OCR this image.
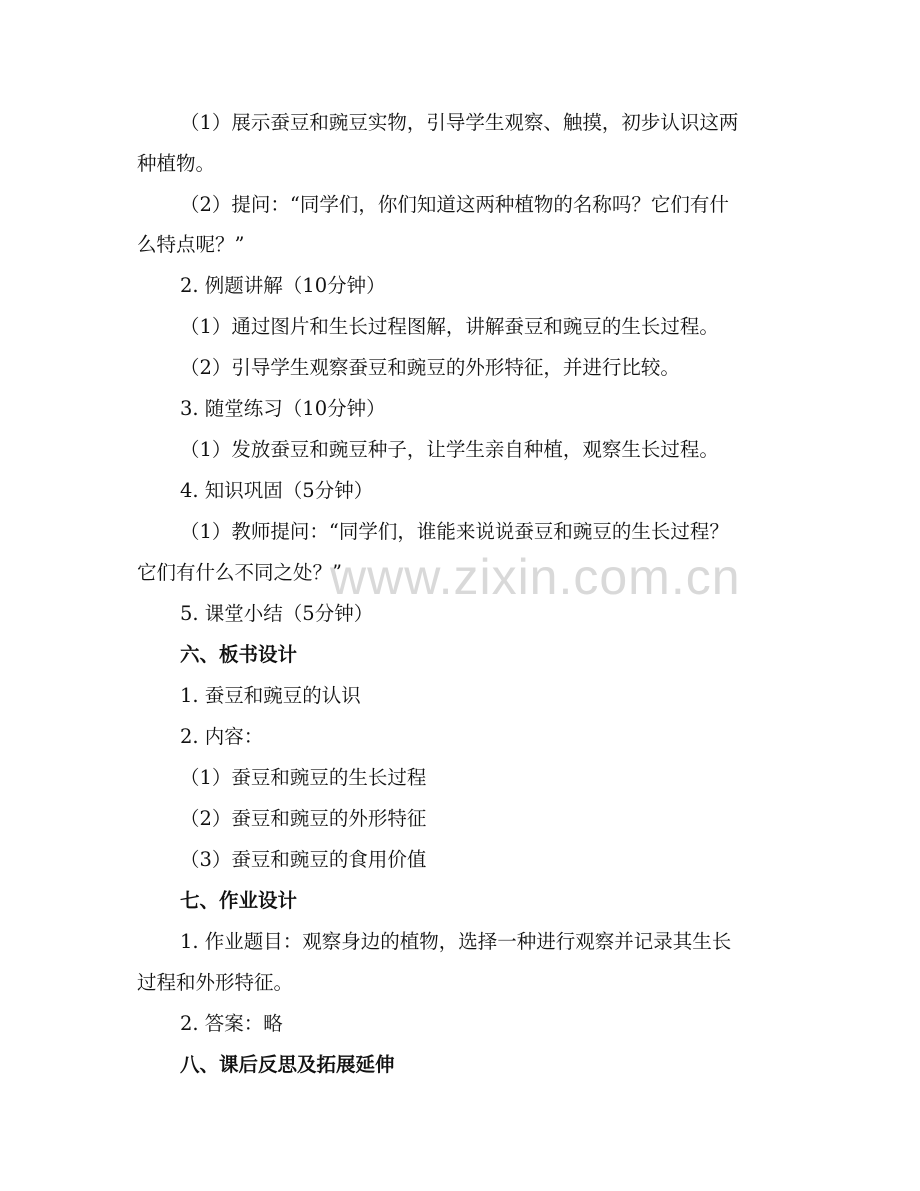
（1）展示蚕豆和豌豆实物，引导学生观察、触摸，初步认识这两
种植物。
（2）提问：“同学们，你们知道这两种植物的名称吗？它们有什
么特点呢？”
2. 例题讲解（10分钟）
（1）通过图片和生长过程图解，讲解蚕豆和豌豆的生长过程。
（2）引导学生观察蚕豆和豌豆的外形特征，并进行比较。
3. 随堂练习（10分钟）
（1）发放蚕豆和豌豆种子，让学生亲自种植，观察生长过程。
4. 知识巩固（5分钟）
（1）教师提问：“同学们，谁能来说说蚕豆和豌豆的生长过程？
它们有什么不同之处？”
5. 课堂小结（5分钟）
六、板书设计
1. 蚕豆和豌豆的认识
2. 内容：
（1）蚕豆和豌豆的生长过程
（2）蚕豆和豌豆的外形特征
（3）蚕豆和豌豆的食用价值
七、作业设计
1. 作业题目：观察身边的植物，选择一种进行观察并记录其生长
过程和外形特征。
2. 答案：略
八、课后反思及拓展延伸
www.zixin.com.cn
